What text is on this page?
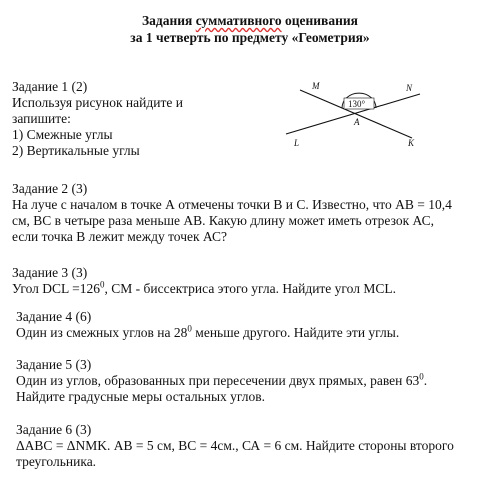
Задания суммативного оценивания
за 1 четверть по предмету «Геометрия»
Задание 1 (2)
Используя рисунок найдите и
запишите:
1) Смежные углы
2) Вертикальные углы
130°
M	N
L	K
A
Задание 2 (3)
На луче с началом в точке А отмечены точки В и С. Известно, что АВ = 10,4
см, ВС в четыре раза меньше АВ. Какую длину может иметь отрезок АС,
если точка В лежит между точек АС?
Задание 3 (3)
Угол DCL $=126^0$, СМ - биссектриса этого угла. Найдите угол MCL.
Задание 4 (6)
Один из смежных углов на $28^0$ меньше другого. Найдите эти углы.
Задание 5 (3)
Один из углов, образованных при пересечении двух прямых, равен $63^0$.
Найдите градусные меры остальных углов.
Задание 6 (3)
ΔАВС = ΔNMK. АВ = 5 см, ВС = 4см., СА = 6 см. Найдите стороны второго
треугольника.
